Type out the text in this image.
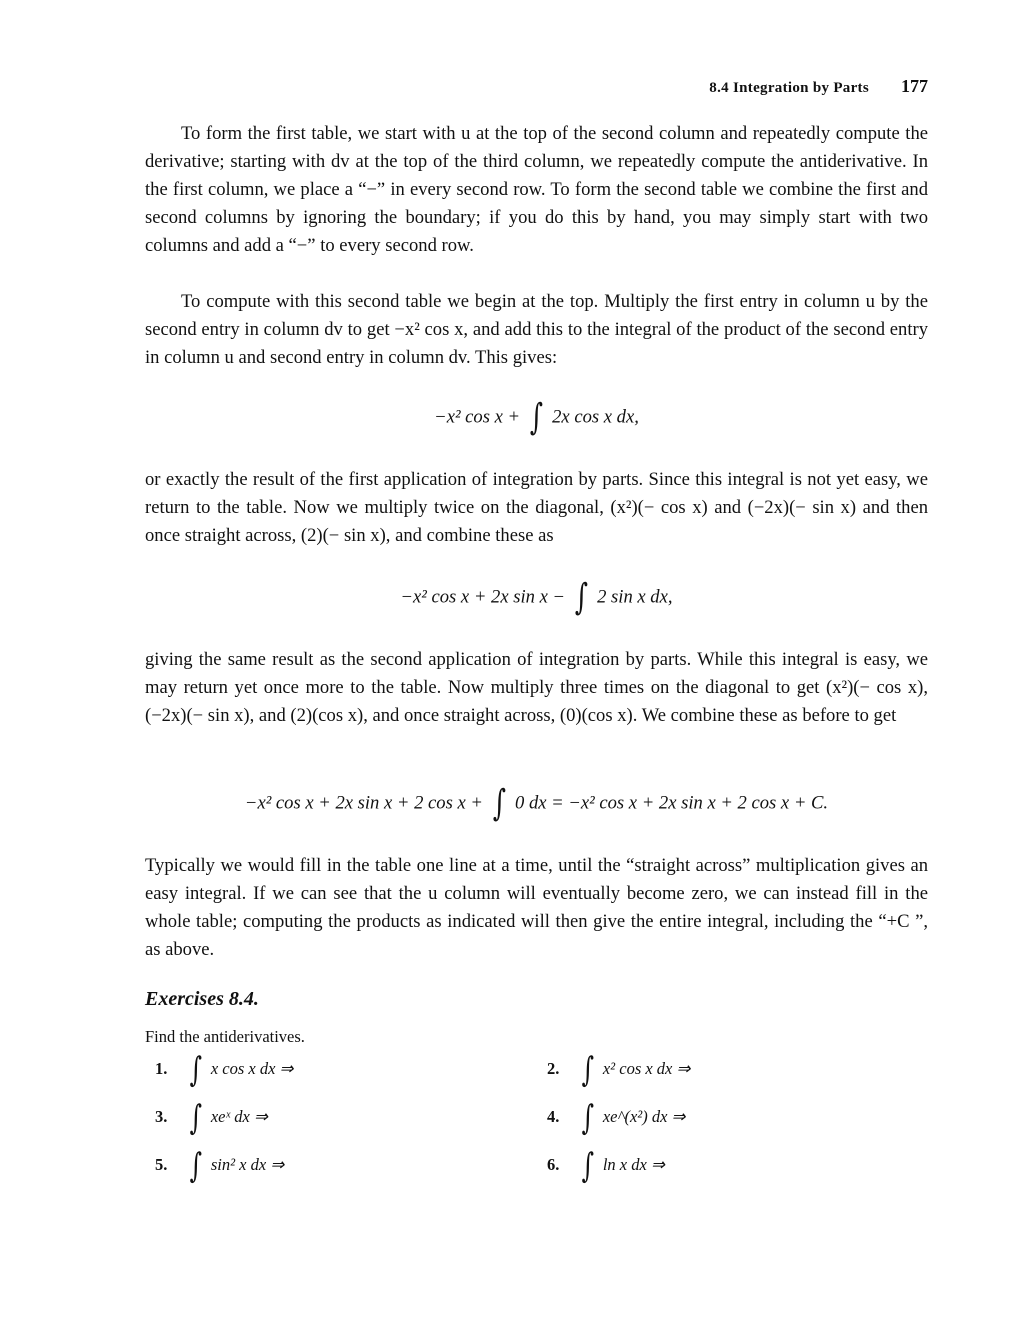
8.4 Integration by Parts 177

To form the first table, we start with u at the top of the second column and repeatedly compute the derivative; starting with dv at the top of the third column, we repeatedly compute the antiderivative. In the first column, we place a “−” in every second row. To form the second table we combine the first and second columns by ignoring the boundary; if you do this by hand, you may simply start with two columns and add a “−” to every second row.

To compute with this second table we begin at the top. Multiply the first entry in column u by the second entry in column dv to get −x² cos x, and add this to the integral of the product of the second entry in column u and second entry in column dv. This gives:

−x² cos x + ∫ 2x cos x dx,

or exactly the result of the first application of integration by parts. Since this integral is not yet easy, we return to the table. Now we multiply twice on the diagonal, (x²)(− cos x) and (−2x)(− sin x) and then once straight across, (2)(− sin x), and combine these as

−x² cos x + 2x sin x − ∫ 2 sin x dx,

giving the same result as the second application of integration by parts. While this integral is easy, we may return yet once more to the table. Now multiply three times on the diagonal to get (x²)(− cos x), (−2x)(− sin x), and (2)(cos x), and once straight across, (0)(cos x). We combine these as before to get

−x² cos x + 2x sin x + 2 cos x + ∫ 0 dx = −x² cos x + 2x sin x + 2 cos x + C.

Typically we would fill in the table one line at a time, until the “straight across” multiplication gives an easy integral. If we can see that the u column will eventually become zero, we can instead fill in the whole table; computing the products as indicated will then give the entire integral, including the “+C ”, as above.

Exercises 8.4.
Find the antiderivatives.
1. ∫ x cos x dx ⇒	2. ∫ x² cos x dx ⇒
3. ∫ xeˣ dx ⇒	4. ∫ xe^(x²) dx ⇒
5. ∫ sin² x dx ⇒	6. ∫ ln x dx ⇒
